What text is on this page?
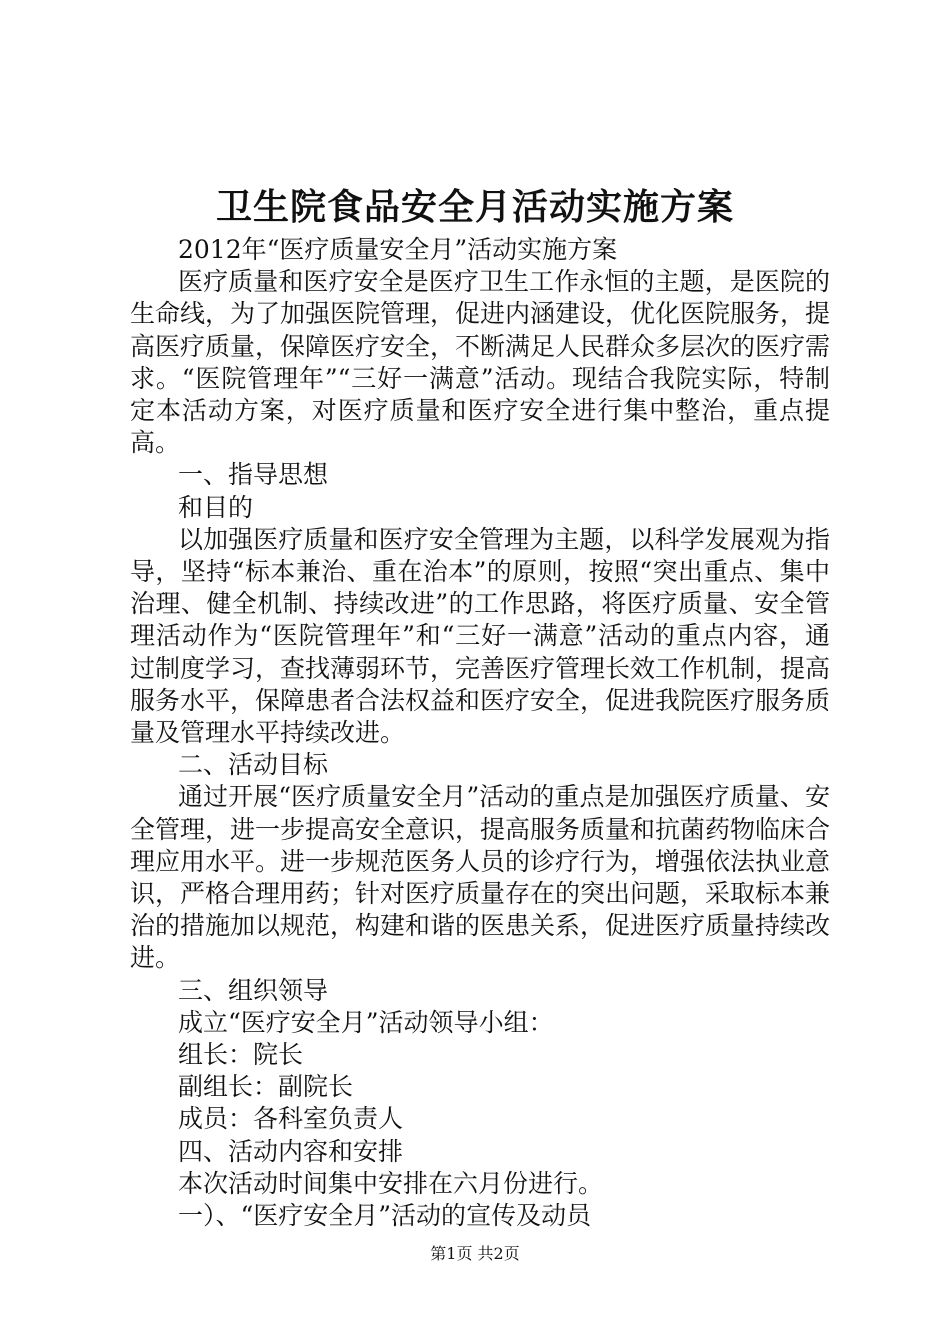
卫生院食品安全月活动实施方案

2012年“医疗质量安全月”活动实施方案

医疗质量和医疗安全是医疗卫生工作永恒的主题，是医院的生命线，为了加强医院管理，促进内涵建设，优化医院服务，提高医疗质量，保障医疗安全，不断满足人民群众多层次的医疗需求。“医院管理年”“三好一满意”活动。现结合我院实际，特制定本活动方案，对医疗质量和医疗安全进行集中整治，重点提高。

一、指导思想

和目的

以加强医疗质量和医疗安全管理为主题，以科学发展观为指导，坚持“标本兼治、重在治本”的原则，按照“突出重点、集中治理、健全机制、持续改进”的工作思路，将医疗质量、安全管理活动作为“医院管理年”和“三好一满意”活动的重点内容，通过制度学习，查找薄弱环节，完善医疗管理长效工作机制，提高服务水平，保障患者合法权益和医疗安全，促进我院医疗服务质量及管理水平持续改进。

二、活动目标

通过开展“医疗质量安全月”活动的重点是加强医疗质量、安全管理，进一步提高安全意识，提高服务质量和抗菌药物临床合理应用水平。进一步规范医务人员的诊疗行为，增强依法执业意识，严格合理用药；针对医疗质量存在的突出问题，采取标本兼治的措施加以规范，构建和谐的医患关系，促进医疗质量持续改进。

三、组织领导

成立“医疗安全月”活动领导小组：

组长：院长

副组长：副院长

成员：各科室负责人

四、活动内容和安排

本次活动时间集中安排在六月份进行。

一）、“医疗安全月”活动的宣传及动员

第1页 共2页
